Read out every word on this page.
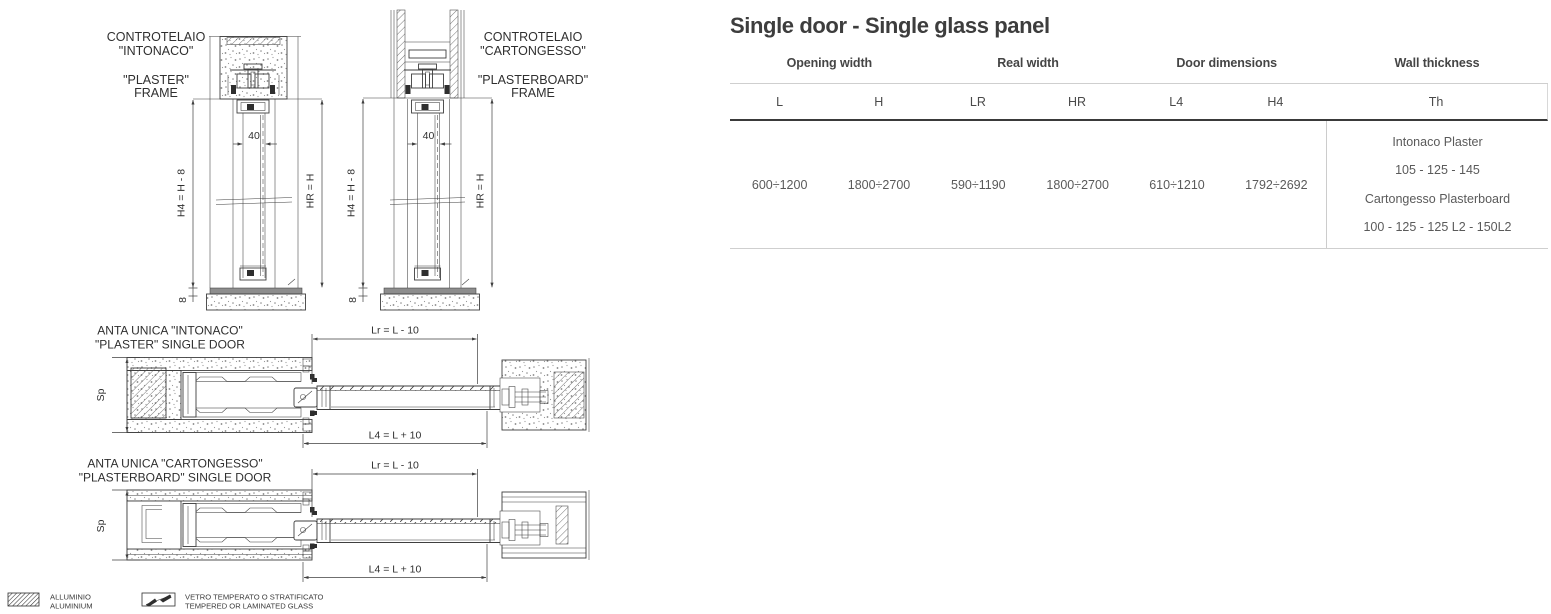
CONTROTELAIO
"INTONACO"
"PLASTER"
FRAME
40
H4 = H - 8	HR = H
8
CONTROTELAIO
"CARTONGESSO"
"PLASTERBOARD"
FRAME
40
H4 = H - 8	HR = H
8
ANTA UNICA "INTONACO"
"PLASTER" SINGLE DOOR
Sp
Lr = L - 10
L4 = L + 10
ANTA UNICA "CARTONGESSO"
"PLASTERBOARD" SINGLE DOOR
Sp
Lr = L - 10
L4 = L + 10
ALLUMINIO
ALUMINIUM
VETRO TEMPERATO O STRATIFICATO
TEMPERED OR LAMINATED GLASS
Single door - Single glass panel
Opening width	Real width	Door dimensions	Wall thickness
L	H	LR	HR	L4	H4	Th
600÷1200	1800÷2700	590÷1190	1800÷2700	610÷1210	1792÷2692
Intonaco Plaster
105 - 125 - 145
Cartongesso Plasterboard
100 - 125 - 125 L2 - 150L2
